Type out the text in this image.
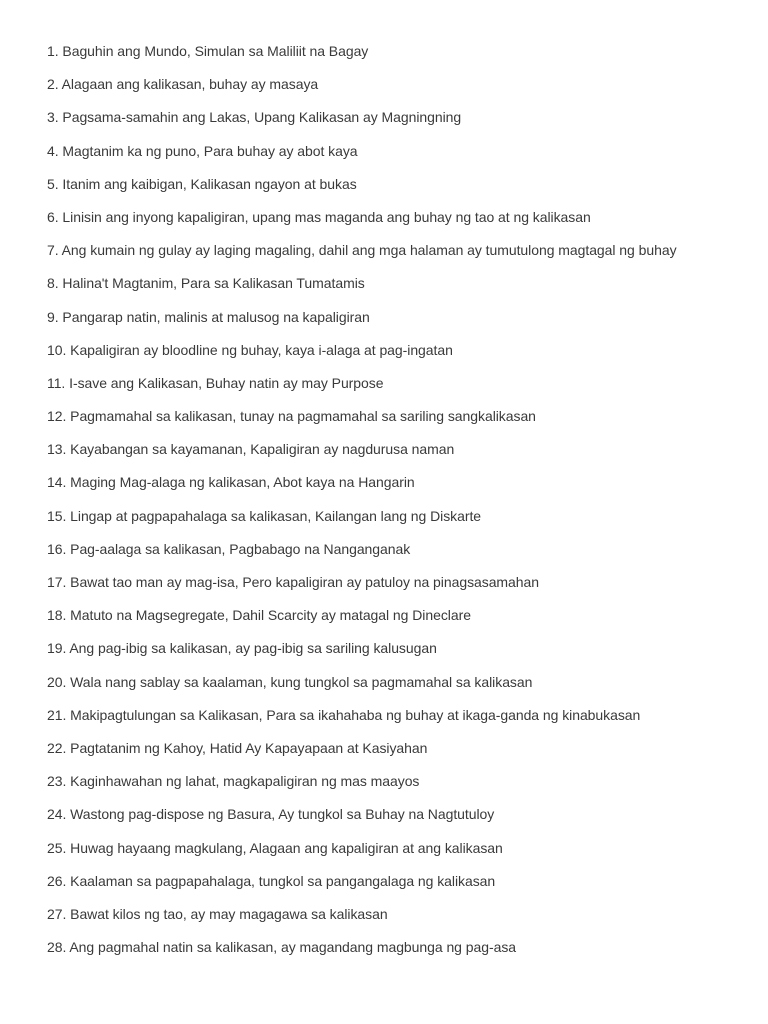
1. Baguhin ang Mundo, Simulan sa Maliliit na Bagay
2. Alagaan ang kalikasan, buhay ay masaya
3. Pagsama-samahin ang Lakas, Upang Kalikasan ay Magningning
4. Magtanim ka ng puno, Para buhay ay abot kaya
5. Itanim ang kaibigan, Kalikasan ngayon at bukas
6. Linisin ang inyong kapaligiran, upang mas maganda ang buhay ng tao at ng kalikasan
7. Ang kumain ng gulay ay laging magaling, dahil ang mga halaman ay tumutulong magtagal ng buhay
8. Halina't Magtanim, Para sa Kalikasan Tumatamis
9. Pangarap natin, malinis at malusog na kapaligiran
10. Kapaligiran ay bloodline ng buhay, kaya i-alaga at pag-ingatan
11. I-save ang Kalikasan, Buhay natin ay may Purpose
12. Pagmamahal sa kalikasan, tunay na pagmamahal sa sariling sangkalikasan
13. Kayabangan sa kayamanan, Kapaligiran ay nagdurusa naman
14. Maging Mag-alaga ng kalikasan, Abot kaya na Hangarin
15. Lingap at pagpapahalaga sa kalikasan, Kailangan lang ng Diskarte
16. Pag-aalaga sa kalikasan, Pagbabago na Nanganganak
17. Bawat tao man ay mag-isa, Pero kapaligiran ay patuloy na pinagsasamahan
18. Matuto na Magsegregate, Dahil Scarcity ay matagal ng Dineclare
19. Ang pag-ibig sa kalikasan, ay pag-ibig sa sariling kalusugan
20. Wala nang sablay sa kaalaman, kung tungkol sa pagmamahal sa kalikasan
21. Makipagtulungan sa Kalikasan, Para sa ikahahaba ng buhay at ikaga-ganda ng kinabukasan
22. Pagtatanim ng Kahoy, Hatid Ay Kapayapaan at Kasiyahan
23. Kaginhawahan ng lahat, magkapaligiran ng mas maayos
24. Wastong pag-dispose ng Basura, Ay tungkol sa Buhay na Nagtutuloy
25. Huwag hayaang magkulang, Alagaan ang kapaligiran at ang kalikasan
26. Kaalaman sa pagpapahalaga, tungkol sa pangangalaga ng kalikasan
27. Bawat kilos ng tao, ay may magagawa sa kalikasan
28. Ang pagmahal natin sa kalikasan, ay magandang magbunga ng pag-asa
